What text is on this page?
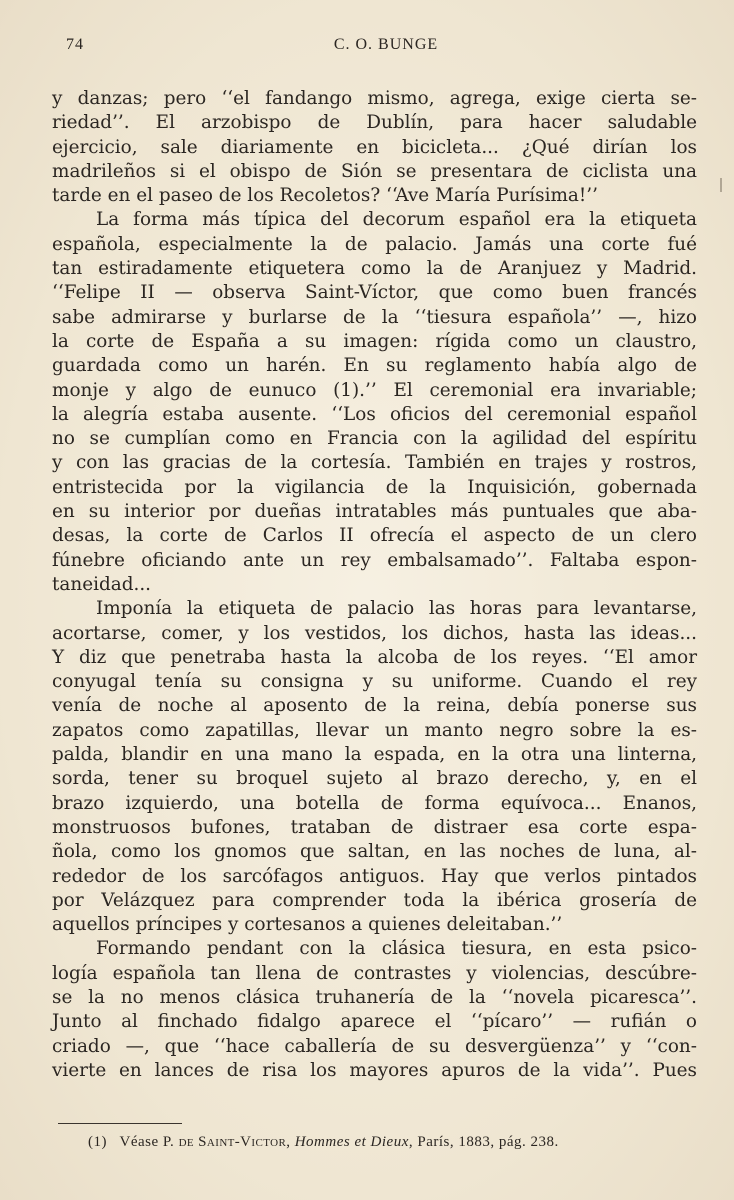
74	C. O. BUNGE
y danzas; pero ‘‘el fandango mismo, agrega, exige cierta se-
riedad’’. El arzobispo de Dublín, para hacer saludable
ejercicio, sale diariamente en bicicleta... ¿Qué dirían los
madrileños si el obispo de Sión se presentara de ciclista una
tarde en el paseo de los Recoletos? ‘‘Ave María Purísima!’’
La forma más típica del decorum español era la etiqueta
española, especialmente la de palacio. Jamás una corte fué
tan estiradamente etiquetera como la de Aranjuez y Madrid.
‘‘Felipe II — observa Saint-Víctor, que como buen francés
sabe admirarse y burlarse de la ‘‘tiesura española’’ —, hizo
la corte de España a su imagen: rígida como un claustro,
guardada como un harén. En su reglamento había algo de
monje y algo de eunuco (1).’’ El ceremonial era invariable;
la alegría estaba ausente. ‘‘Los oficios del ceremonial español
no se cumplían como en Francia con la agilidad del espíritu
y con las gracias de la cortesía. También en trajes y rostros,
entristecida por la vigilancia de la Inquisición, gobernada
en su interior por dueñas intratables más puntuales que aba-
desas, la corte de Carlos II ofrecía el aspecto de un clero
fúnebre oficiando ante un rey embalsamado’’. Faltaba espon-
taneidad...
Imponía la etiqueta de palacio las horas para levantarse,
acortarse, comer, y los vestidos, los dichos, hasta las ideas...
Y diz que penetraba hasta la alcoba de los reyes. ‘‘El amor
conyugal tenía su consigna y su uniforme. Cuando el rey
venía de noche al aposento de la reina, debía ponerse sus
zapatos como zapatillas, llevar un manto negro sobre la es-
palda, blandir en una mano la espada, en la otra una linterna,
sorda, tener su broquel sujeto al brazo derecho, y, en el
brazo izquierdo, una botella de forma equívoca... Enanos,
monstruosos bufones, trataban de distraer esa corte espa-
ñola, como los gnomos que saltan, en las noches de luna, al-
rededor de los sarcófagos antiguos. Hay que verlos pintados
por Velázquez para comprender toda la ibérica grosería de
aquellos príncipes y cortesanos a quienes deleitaban.’’
Formando pendant con la clásica tiesura, en esta psico-
logía española tan llena de contrastes y violencias, descúbre-
se la no menos clásica truhanería de la ‘‘novela picaresca’’.
Junto al finchado fidalgo aparece el ‘‘pícaro’’ — rufián o
criado —, que ‘‘hace caballería de su desvergüenza’’ y ‘‘con-
vierte en lances de risa los mayores apuros de la vida’’. Pues
(1) Véase P. de Saint-Victor, Hommes et Dieux, París, 1883, pág. 238.
